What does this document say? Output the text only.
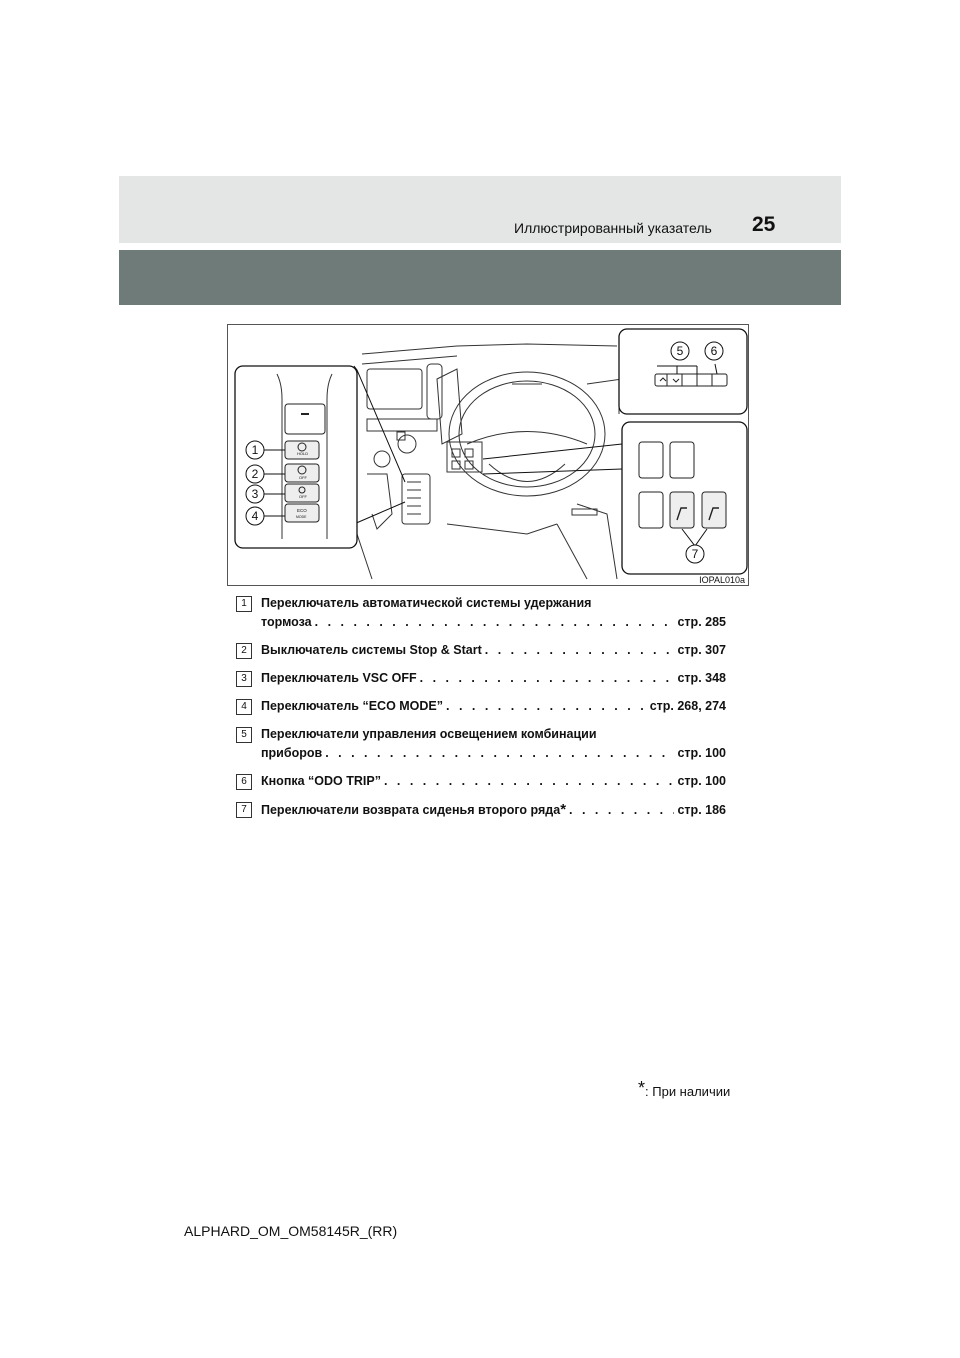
Иллюстрированный указатель 25
HOLD
OFF
OFF
ECO
MODE
1
2
3
4
5 6
7
IOPAL010a
1	Переключатель автоматической системы удержания
тормоза . . .	стр. 285
2	Выключатель системы Stop & Start . . .	стр. 307
3	Переключатель VSC OFF . . .	стр. 348
4	Переключатель “ECO MODE” . . .	стр. 268, 274
5	Переключатели управления освещением комбинации
приборов . . .	стр. 100
6	Кнопка “ODO TRIP” . . .	стр. 100
7	Переключатели возврата сиденья второго ряда * . . .	стр. 186
*: При наличии
ALPHARD_OM_OM58145R_(RR)
